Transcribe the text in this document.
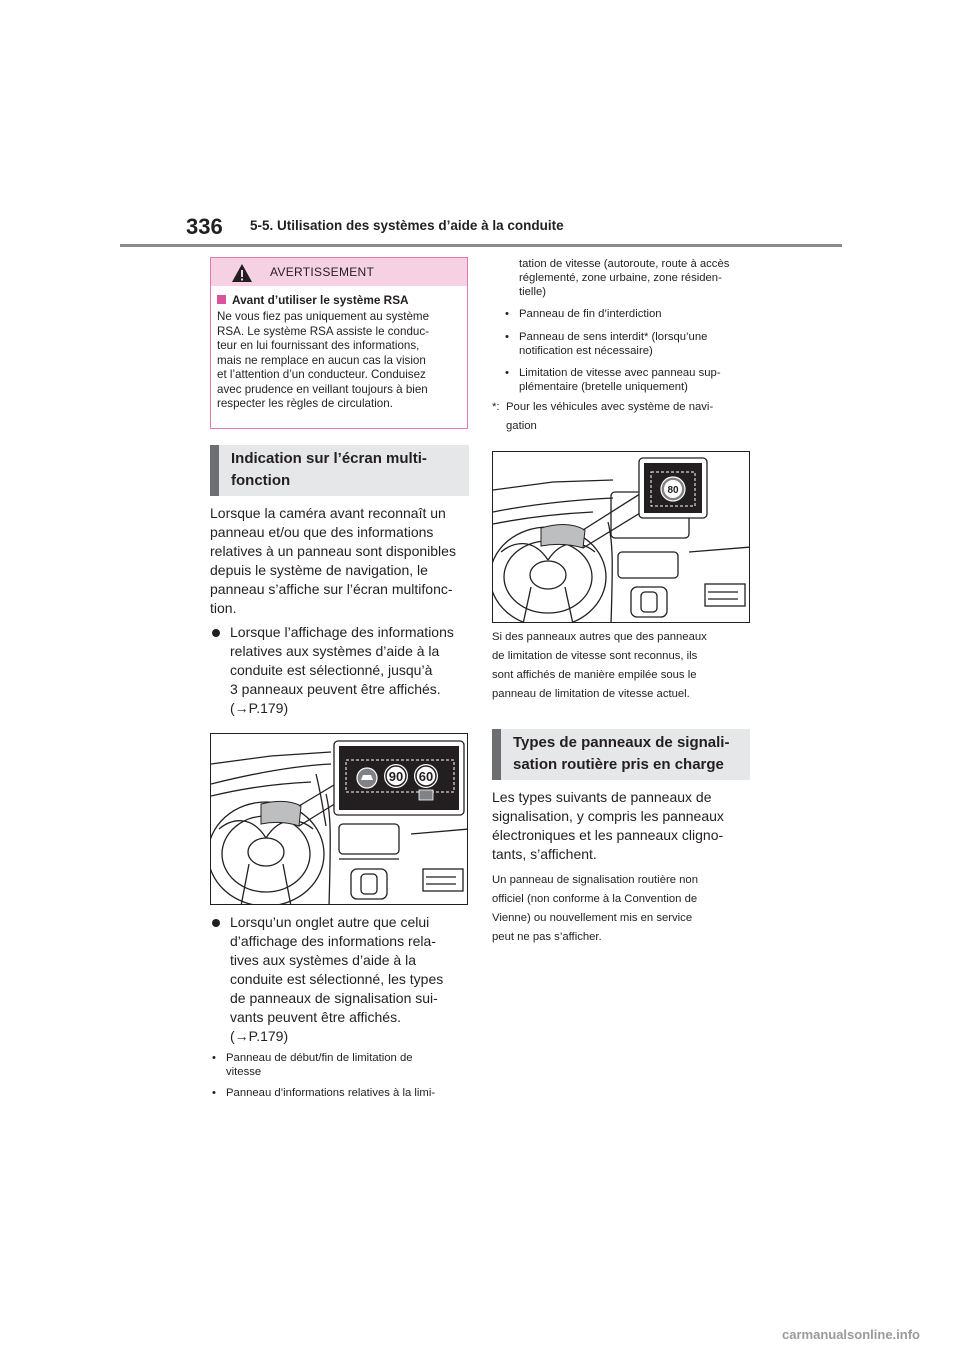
336 5-5. Utilisation des systèmes d’aide à la conduite
AVERTISSEMENT
Avant d’utiliser le système RSA
Ne vous fiez pas uniquement au système
RSA. Le système RSA assiste le conduc-
teur en lui fournissant des informations,
mais ne remplace en aucun cas la vision
et l’attention d’un conducteur. Conduisez
avec prudence en veillant toujours à bien
respecter les règles de circulation.
Indication sur l’écran multi-
fonction
Lorsque la caméra avant reconnaît un
panneau et/ou que des informations
relatives à un panneau sont disponibles
depuis le système de navigation, le
panneau s’affiche sur l’écran multifonc-
tion.
Lorsque l’affichage des informations
relatives aux systèmes d’aide à la
conduite est sélectionné, jusqu’à
3 panneaux peuvent être affichés.
(→P.179)
90 60
Lorsqu’un onglet autre que celui
d’affichage des informations rela-
tives aux systèmes d’aide à la
conduite est sélectionné, les types
de panneaux de signalisation sui-
vants peuvent être affichés.
(→P.179)
• Panneau de début/fin de limitation de
vitesse
• Panneau d’informations relatives à la limi-
tation de vitesse (autoroute, route à accès
réglementé, zone urbaine, zone résiden-
tielle)
• Panneau de fin d’interdiction
• Panneau de sens interdit* (lorsqu’une
notification est nécessaire)
• Limitation de vitesse avec panneau sup-
plémentaire (bretelle uniquement)
*: Pour les véhicules avec système de navi-
gation
80
Si des panneaux autres que des panneaux
de limitation de vitesse sont reconnus, ils
sont affichés de manière empilée sous le
panneau de limitation de vitesse actuel.
Types de panneaux de signali-
sation routière pris en charge
Les types suivants de panneaux de
signalisation, y compris les panneaux
électroniques et les panneaux cligno-
tants, s’affichent.
Un panneau de signalisation routière non
officiel (non conforme à la Convention de
Vienne) ou nouvellement mis en service
peut ne pas s’afficher.
carmanualsonline.info
